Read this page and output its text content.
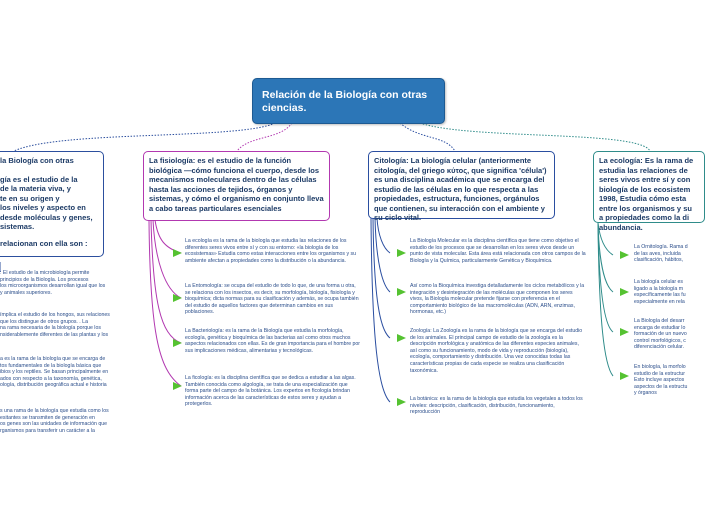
Relación de la Biología con otras ciencias.
la Biología con otras
gía es el estudio de la
de la materia viva, y
te en su origen y
los niveles y aspecto en
desde moléculas y genes,
sistemas.
relacionan con ella son :
: El estudio de la microbiología permite
principios de la Biología. Los procesos
los microorganismos desarrollan igual que los
y animales superiores.
ímplica el estudio de los hongos, sus relaciones
que los distingue de otros grupos. . La
na rama necesaria de la biología porque los
nsiderablemente diferentes de las plantas y los
a es la rama de la biología que se encarga de
tos fundamentales de la biología básica que
ibios y los reptiles. Se basan principalmente en
ados con respecto a la taxonomía, genética,
ología, distribución geográfica actual e historia
s una rama de la biología que estudia como los
esitantes se transmiten de generación en
os genes son las unidades de información que
rganismos para transferir un carácter a la
La fisiología: es el estudio de la función biológica —cómo funciona el cuerpo, desde los mecanismos moleculares dentro de las células hasta las acciones de tejidos, órganos y sistemas, y cómo el organismo en conjunto lleva a cabo tareas particulares esenciales
Citología: La biología celular (anteriormente citología, del griego κύτος, que significa 'célula') es una disciplina académica que se encarga del estudio de las células en lo que respecta a las propiedades, estructura, funciones, orgánulos que contienen, su interacción con el ambiente y su ciclo vital.
La ecología: Es la rama de
estudia las relaciones de
seres vivos entre sí y con
biología de los ecosistem
1998, Estudia cómo esta
entre los organismos y su
a propiedades como la di
abundancia.
La ecología es la rama de la biología que estudia las relaciones de los diferentes seres vivos entre sí y con su entorno: «la biología de los ecosistemas» Estudia como estas interacciones entre los organismos y su ambiente afectan a propiedades como la distribución o la abundancia.
La Entomología: se ocupa del estudio de todo lo que, de una forma u otra, se relaciona con los insectos, es decir, su morfología, biología, fisiología y bioquímica; dicta normas para su clasificación y además, se ocupa también del estudio de aquellos factores que determinan cambios en sus poblaciones.
La Bacteriología: es la rama de la Biología que estudia la morfología, ecología, genética y bioquímica de las bacterias así como otros muchos aspectos relacionados con ellas. Es de gran importancia para el hombre por sus implicaciones médicas, alimentarias y tecnológicas.
La ficología: es la disciplina científica que se dedica a estudiar a las algas. También conocida como algología, se trata de una especialización que forma parte del campo de la botánica. Los expertos en ficología brindan información acerca de las características de estos seres y ayudan a protegerlos.
La Biología Molecular es la disciplina científica que tiene como objetivo el estudio de los procesos que se desarrollan en los seres vivos desde un punto de vista molecular. Esta área está relacionada con otros campos de la Biología y la Química, particularmente Genética y Bioquímica.
Así como la Bioquímica investiga detalladamente los ciclos metabólicos y la integración y desintegración de las moléculas que componen los seres vivos, la Biología molecular pretende fijarse con preferencia en el comportamiento biológico de las macromoléculas (ADN, ARN, enzimas, hormonas, etc.)
Zoología: La Zoología es la rama de la biología que se encarga del estudio de los animales. El principal campo de estudio de la zoología es la descripción morfológica y anatómica de las diferentes especies animales, así como su funcionamiento, modo de vida y reproducción (biología), ecología, comportamiento y distribución. Una vez conocidas todas las características propias de cada especie se realiza una clasificación taxonómica.
La botánica: es la rama de la biología que estudia los vegetales a todos los niveles: descripción, clasificación, distribución, funcionamiento, reproducción
La Ornitología. Rama d
de las aves, incluida
clasificación, hábitos,
La biología celular es
ligado a la biología m
específicamente las fu
especialmente en rela
La Biología del desarr
encarga de estudiar lo
formación de un nuevo
control morfológicos, c
diferenciación celular.
En biología, la morfolo
estudio de la estructur
Esto incluye aspectos
aspectos de la estructu
y órganos
